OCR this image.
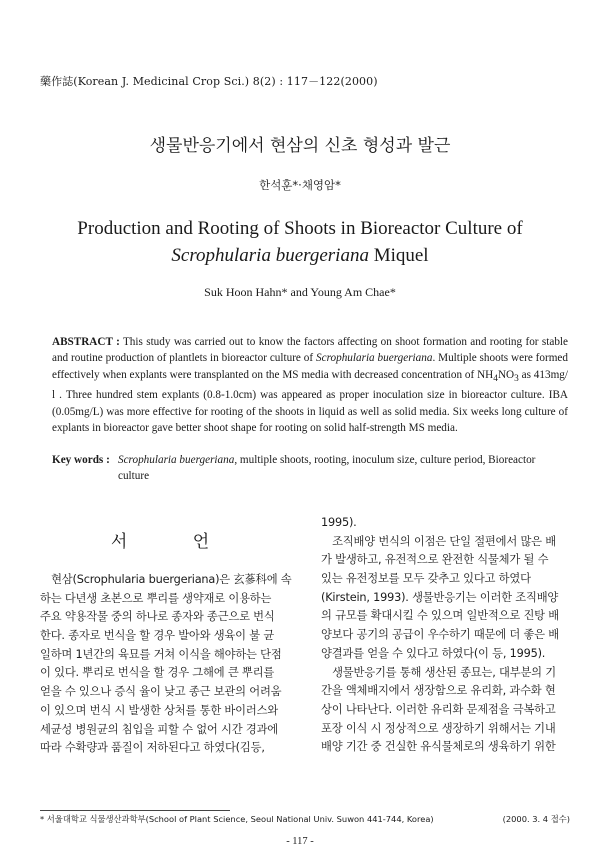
藥作誌(Korean J. Medicinal Crop Sci.) 8(2) : 117－122(2000)
생물반응기에서 현삼의 신초 형성과 발근
한석훈*·채영암*
Production and Rooting of Shoots in Bioreactor Culture of
Scrophularia buergeriana Miquel
Suk Hoon Hahn* and Young Am Chae*
ABSTRACT : This study was carried out to know the factors affecting on shoot formation and rooting for stable and routine production of plantlets in bioreactor culture of Scrophularia buergeriana. Multiple shoots were formed effectively when explants were transplanted on the MS media with decreased concentration of $NH_4NO_3$ as 413mg/ l . Three hundred stem explants (0.8-1.0cm) was appeared as proper inoculation size in bioreactor culture. IBA (0.05mg/L) was more effective for rooting of the shoots in liquid as well as solid media. Six weeks long culture of explants in bioreactor gave better shoot shape for rooting on solid half-strength MS media.
Key words : Scrophularia buergeriana, multiple shoots, rooting, inoculum size, culture period, Bioreactor culture
서 언
　현삼(Scrophularia buergeriana)은 玄蔘科에 속
하는 다년생 초본으로 뿌리를 생약재로 이용하는
주요 약용작물 중의 하나로 종자와 종근으로 번식
한다. 종자로 번식을 할 경우 발아와 생육이 불 균
일하며 1년간의 육묘를 거쳐 이식을 해야하는 단점
이 있다. 뿌리로 번식을 할 경우 그해에 큰 뿌리를
얻을 수 있으나 증식 율이 낮고 종근 보관의 어려움
이 있으며 번식 시 발생한 상처를 통한 바이러스와
세균성 병원균의 침입을 피할 수 없어 시간 경과에
따라 수확량과 품질이 저하된다고 하였다(김등,
1995).
　조직배양 번식의 이점은 단일 절편에서 많은 배
가 발생하고, 유전적으로 완전한 식물체가 될 수
있는 유전정보를 모두 갖추고 있다고 하였다
(Kirstein, 1993). 생물반응기는 이러한 조직배양
의 규모를 확대시킬 수 있으며 일반적으로 진탕 배
양보다 공기의 공급이 우수하기 때문에 더 좋은 배
양결과를 얻을 수 있다고 하였다(이 등, 1995).
　생물반응기를 통해 생산된 종묘는, 대부분의 기
간을 액체배지에서 생장함으로 유리화, 과수화 현
상이 나타난다. 이러한 유리화 문제점을 극복하고
포장 이식 시 정상적으로 생장하기 위해서는 기내
배양 기간 중 건실한 유식물체로의 생육하기 위한
* 서울대학교 식물생산과학부(School of Plant Science, Seoul National Univ. Suwon 441-744, Korea)	(2000. 3. 4 접수)
- 117 -
